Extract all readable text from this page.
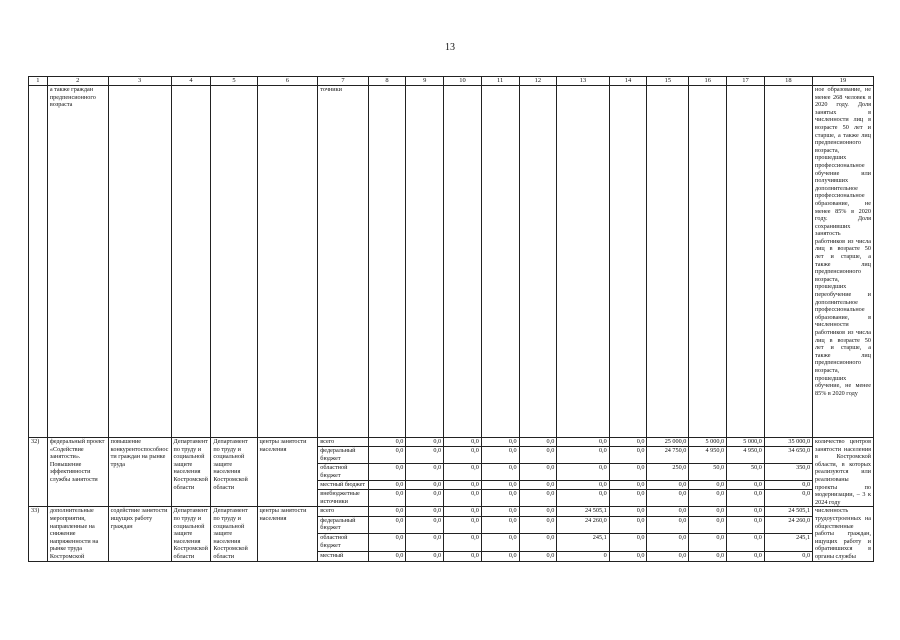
13
1	2	3	4	5	6	7	8	9	10	11	12	13	14	15	16	17	18	19
	а также граждан предпенсионного возраста					точники												ное образование, не менее 268 человек в 2020 году. Доля занятых в численности лиц в возрасте 50 лет и старше, а также лиц предпенсионного возраста, прошедших профессиональное обучение или получивших дополнительное профессиональное образование, не менее 85% в 2020 году. Доля сохранивших занятость работников из числа лиц в возрасте 50 лет и старше, а также лиц предпенсионного возраста, прошедших переобучение и дополнительное профессиональное образование, в численности работников из числа лиц в возрасте 50 лет и старше, а также лиц предпенсионного возраста, прошедших обучение, не менее 85% в 2020 году
32)	федеральный проект «Содействие занятости». Повышение эффективности службы занятости	повышение конкурентоспособности граждан на рынке труда	Департамент по труду и социальной защите населения Костромской области	Департамент по труду и социальной защите населения Костромской области	центры занятости населения	всего	0,0	0,0	0,0	0,0	0,0	0,0	0,0	25 000,0	5 000,0	5 000,0	35 000,0	количество центров занятости населения в Костромской области, в которых реализуются или реализованы проекты по модернизации, – 3 к 2024 году
						федеральный бюджет	0,0	0,0	0,0	0,0	0,0	0,0	0,0	24 750,0	4 950,0	4 950,0	34 650,0	
						областной бюджет	0,0	0,0	0,0	0,0	0,0	0,0	0,0	250,0	50,0	50,0	350,0	
						местный бюджет	0,0	0,0	0,0	0,0	0,0	0,0	0,0	0,0	0,0	0,0	0,0	
						внебюджетные источники	0,0	0,0	0,0	0,0	0,0	0,0	0,0	0,0	0,0	0,0	0,0	
33)	дополнительные мероприятия, направленные на снижение напряженности на рынке труда Костромской	содействие занятости ищущих работу граждан	Департамент по труду и социальной защите населения Костромской области	Департамент по труду и социальной защите населения Костромской области	центры занятости населения	всего	0,0	0,0	0,0	0,0	0,0	24 505,1	0,0	0,0	0,0	0,0	24 505,1	численность трудоустроенных на общественные работы граждан, ищущих работу и обратившихся в органы службы
						федеральный бюджет	0,0	0,0	0,0	0,0	0,0	24 260,0	0,0	0,0	0,0	0,0	24 260,0	
						областной бюджет	0,0	0,0	0,0	0,0	0,0	245,1	0,0	0,0	0,0	0,0	245,1	
						местный	0,0	0,0	0,0	0,0	0,0	0	0,0	0,0	0,0	0,0	0,0	
